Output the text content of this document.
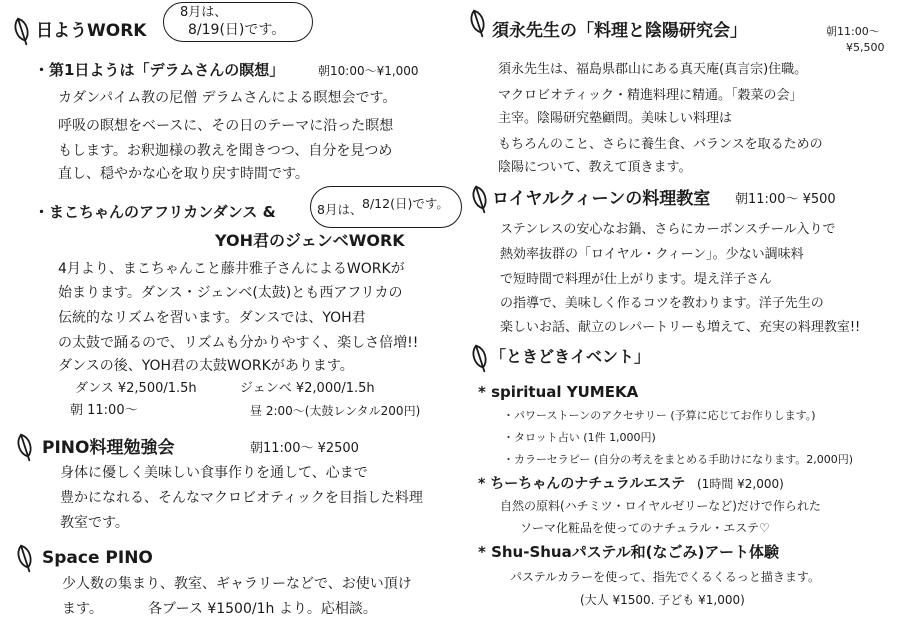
日ようWORK
8月は、
8/19(日)です。
・第1日ようは「デラムさんの瞑想」	朝10:00〜¥1,000
カダンパイム教の尼僧 デラムさんによる瞑想会です。
呼吸の瞑想をベースに、その日のテーマに沿った瞑想
もします。お釈迦様の教えを聞きつつ、自分を見つめ
直し、穏やかな心を取り戻す時間です。
・まこちゃんのアフリカンダンス &	8月は、 8/12(日)です。
YOH君のジェンベWORK
4月より、まこちゃんこと藤井雅子さんによるWORKが
始まります。ダンス・ジェンベ(太鼓)とも西アフリカの
伝統的なリズムを習います。ダンスでは、YOH君
の太鼓で踊るので、リズムも分かりやすく、楽しさ倍増!!
ダンスの後、YOH君の太鼓WORKがあります。
ダンス ¥2,500/1.5h	ジェンベ ¥2,000/1.5h
朝 11:00〜	昼 2:00〜(太鼓レンタル200円)
PINO料理勉強会	朝11:00〜 ¥2500
身体に優しく美味しい食事作りを通して、心まで
豊かになれる、そんなマクロビオティックを目指した料理
教室です。
Space PINO
少人数の集まり、教室、ギャラリーなどで、お使い頂け
ます。	各ブース ¥1500/1h より。応相談。
須永先生の「料理と陰陽研究会」	朝11:00〜
¥5,500
須永先生は、福島県郡山にある真天庵(真言宗)住職。
マクロビオティック・精進料理に精通。「穀菜の会」
主宰。陰陽研究塾顧問。美味しい料理は
もちろんのこと、さらに養生食、バランスを取るための
陰陽について、教えて頂きます。
ロイヤルクィーンの料理教室 朝11:00〜 ¥500
ステンレスの安心なお鍋、さらにカーボンスチール入りで
熱効率抜群の「ロイヤル・クィーン」。少ない調味料
で短時間で料理が仕上がります。堤え洋子さん
の指導で、美味しく作るコツを教わります。洋子先生の
楽しいお話、献立のレパートリーも増えて、充実の料理教室!!
「ときどきイベント」
* spiritual YUMEKA
・パワーストーンのアクセサリー (予算に応じてお作りします。)
・タロット占い (1件 1,000円)
・カラーセラピー (自分の考えをまとめる手助けになります。2,000円)
* ちーちゃんのナチュラルエステ (1時間 ¥2,000)
自然の原料(ハチミツ・ロイヤルゼリーなど)だけで作られた
ソーマ化粧品を使ってのナチュラル・エステ♡
* Shu-Shuaパステル和(なごみ)アート体験
パステルカラーを使って、指先でくるくるっと描きます。
(大人 ¥1500. 子ども ¥1,000)
